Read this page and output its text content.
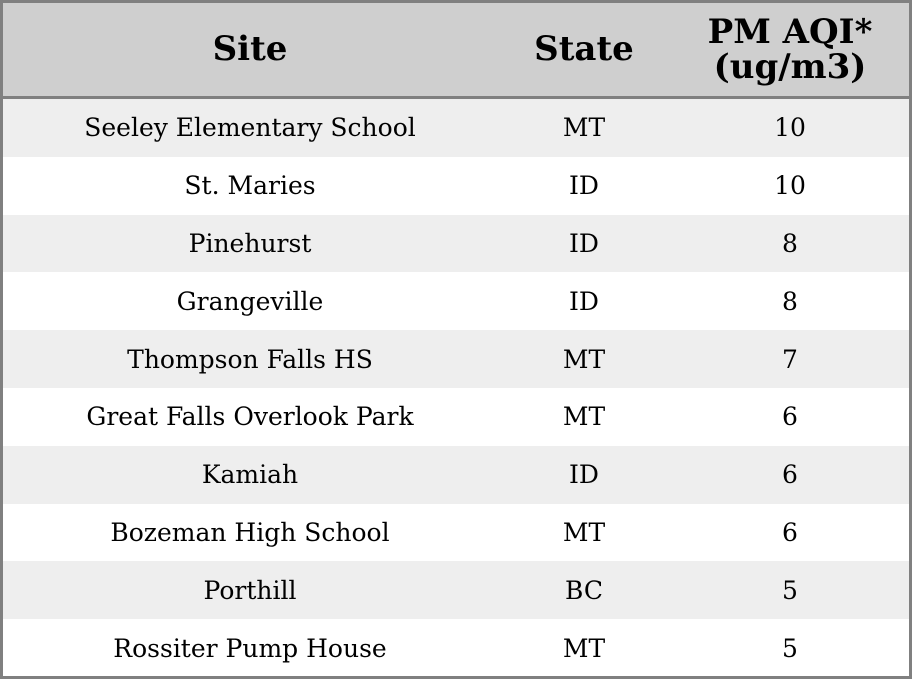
Site	State	PM AQI*
(ug/m3)
Seeley Elementary School	MT	10
St. Maries	ID	10
Pinehurst	ID	8
Grangeville	ID	8
Thompson Falls HS	MT	7
Great Falls Overlook Park	MT	6
Kamiah	ID	6
Bozeman High School	MT	6
Porthill	BC	5
Rossiter Pump House	MT	5
